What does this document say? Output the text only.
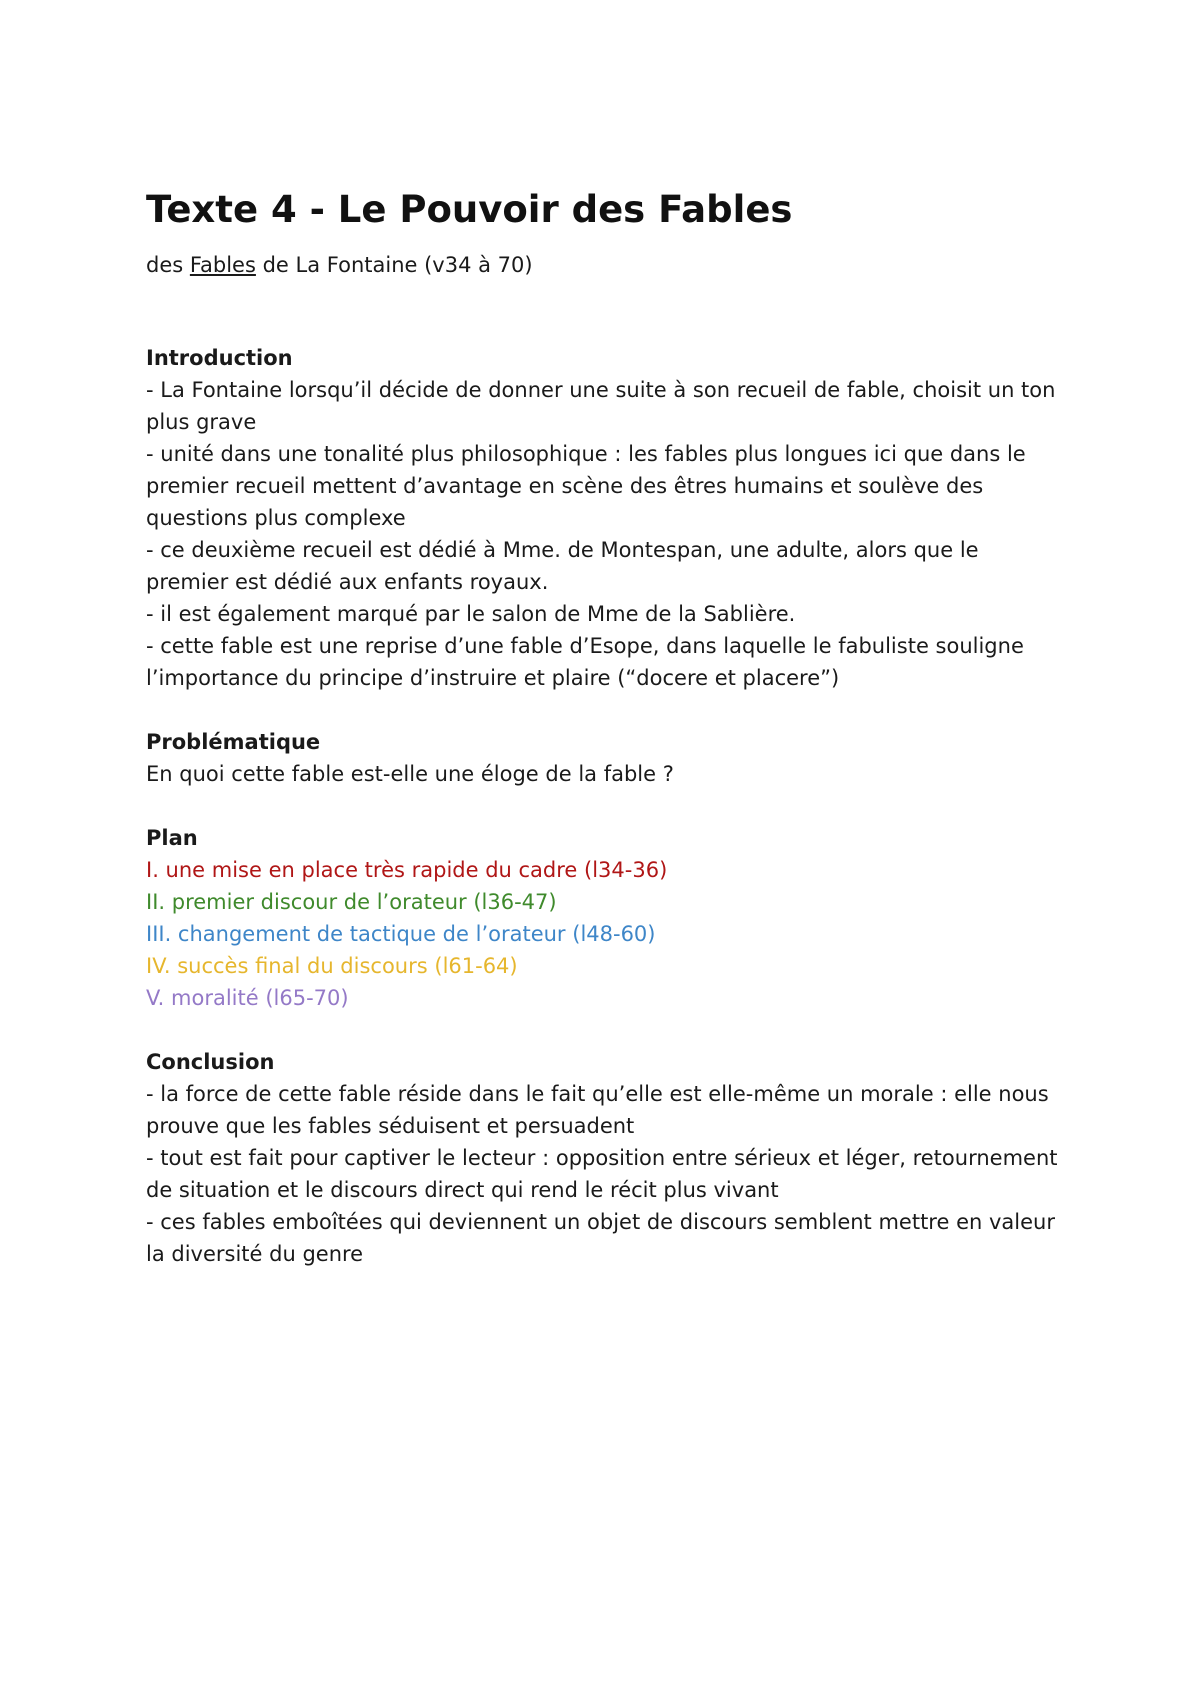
Texte 4 - Le Pouvoir des Fables
des Fables de La Fontaine (v34 à 70)
Introduction
- La Fontaine lorsqu’il décide de donner une suite à son recueil de fable, choisit un ton plus grave
- unité dans une tonalité plus philosophique : les fables plus longues ici que dans le premier recueil mettent d’avantage en scène des êtres humains et soulève des questions plus complexe
- ce deuxième recueil est dédié à Mme. de Montespan, une adulte, alors que le premier est dédié aux enfants royaux.
- il est également marqué par le salon de Mme de la Sablière.
- cette fable est une reprise d’une fable d’Esope, dans laquelle le fabuliste souligne l’importance du principe d’instruire et plaire (“docere et placere”)
Problématique
En quoi cette fable est-elle une éloge de la fable ?
Plan
I. une mise en place très rapide du cadre (l34-36)
II. premier discour de l’orateur (l36-47)
III. changement de tactique de l’orateur (l48-60)
IV. succès final du discours (l61-64)
V. moralité (l65-70)
Conclusion
- la force de cette fable réside dans le fait qu’elle est elle-même un morale : elle nous prouve que les fables séduisent et persuadent
- tout est fait pour captiver le lecteur : opposition entre sérieux et léger, retournement de situation et le discours direct qui rend le récit plus vivant
- ces fables emboîtées qui deviennent un objet de discours semblent mettre en valeur la diversité du genre
